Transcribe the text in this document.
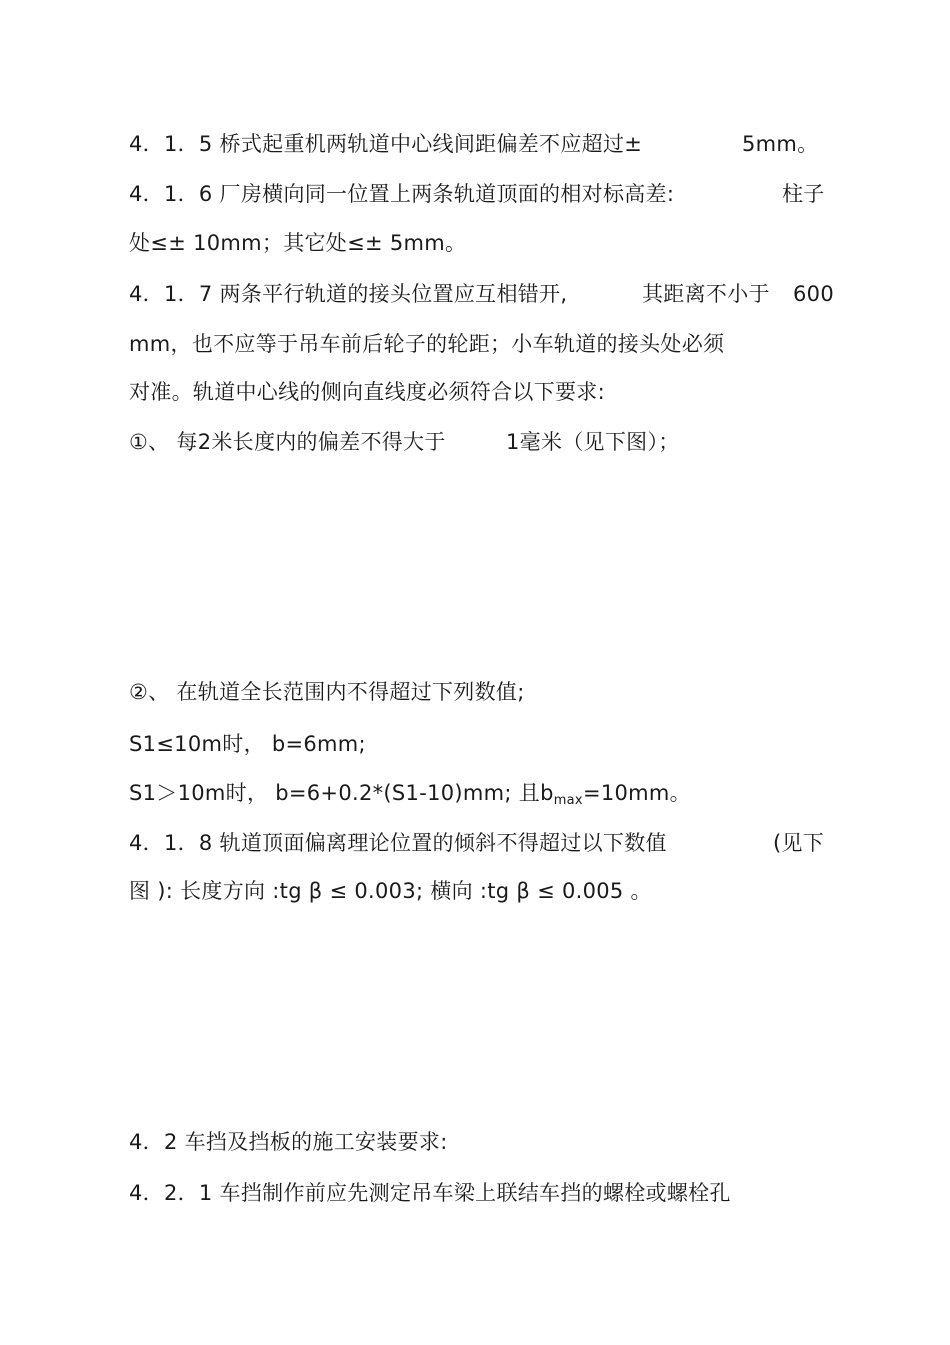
4．1．5 桥式起重机两轨道中心线间距偏差不应超过±	5mm。
4．1．6 厂房横向同一位置上两条轨道顶面的相对标高差:	柱子
处≤± 10mm；其它处≤± 5mm。
4．1．7 两条平行轨道的接头位置应互相错开,	其距离不小于 600
mm，也不应等于吊车前后轮子的轮距；小车轨道的接头处必须
对准。轨道中心线的侧向直线度必须符合以下要求:
①、 每2米长度内的偏差不得大于	1毫米（见下图）；
②、 在轨道全长范围内不得超过下列数值;
S1≤10m时， b=6mm;
S1＞10m时， b=6+0.2*(S1-10)mm; 且$b_{max}=10mm$。
4．1．8 轨道顶面偏离理论位置的倾斜不得超过以下数值	(见下
图 ): 长度方向 :tg β ≤ 0.003; 横向 :tg β ≤ 0.005 。
4．2 车挡及挡板的施工安装要求:
4．2．1 车挡制作前应先测定吊车梁上联结车挡的螺栓或螺栓孔
